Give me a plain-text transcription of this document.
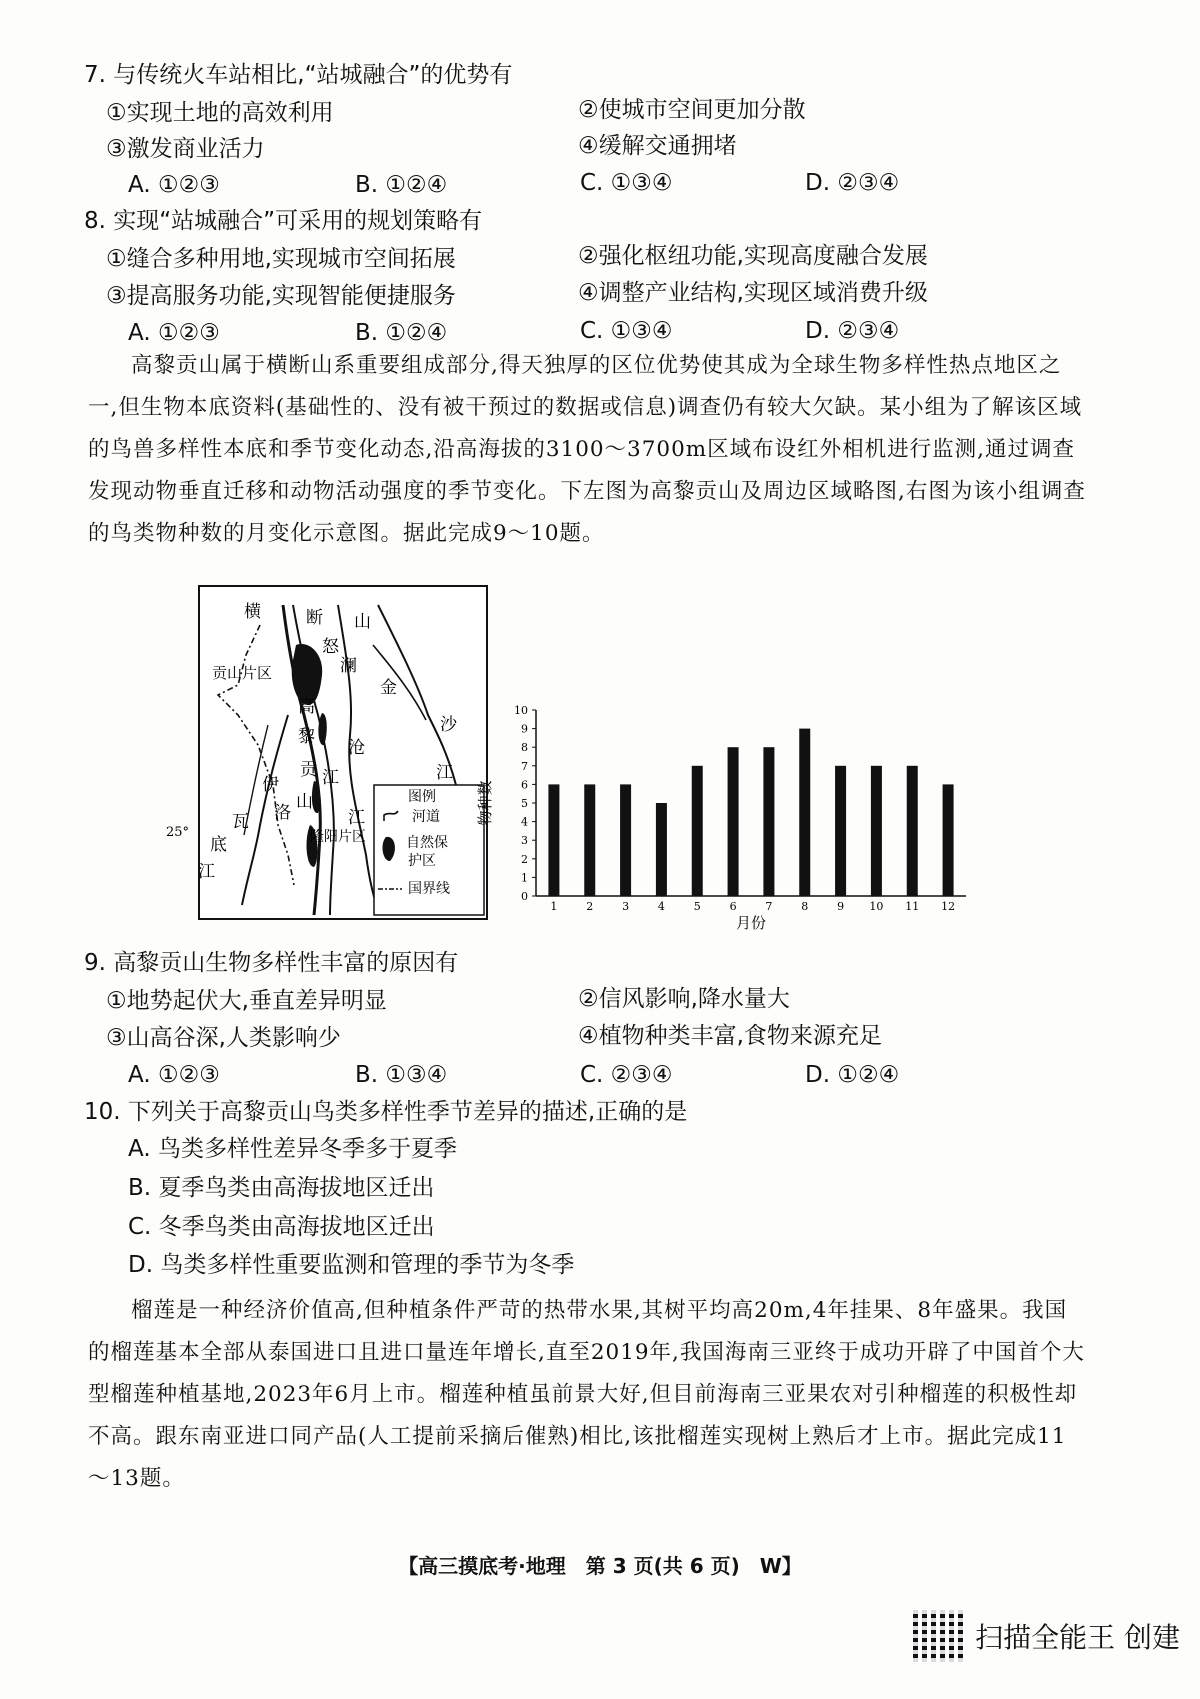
7. 与传统火车站相比,“站城融合”的优势有
①实现土地的高效利用	②使城市空间更加分散
③激发商业活力	④缓解交通拥堵
A. ①②③	B. ①②④	C. ①③④	D. ②③④
8. 实现“站城融合”可采用的规划策略有
①缝合多种用地,实现城市空间拓展	②强化枢纽功能,实现高度融合发展
③提高服务功能,实现智能便捷服务	④调整产业结构,实现区域消费升级
A. ①②③	B. ①②④	C. ①③④	D. ②③④

高黎贡山属于横断山系重要组成部分,得天独厚的区位优势使其成为全球生物多样性热点地区之一,但生物本底资料(基础性的、没有被干预过的数据或信息)调查仍有较大欠缺。某小组为了解该区域的鸟兽多样性本底和季节变化动态,沿高海拔的3100～3700m区域布设红外相机进行监测,通过调查发现动物垂直迁移和动物活动强度的季节变化。下左图为高黎贡山及周边区域略图,右图为该小组调查的鸟类物种数的月变化示意图。据此完成9～10题。

横	断 山
贡山片区
怒
澜
金
沙
江
高
黎
贡
山
沧
江
江
伊
洛
瓦
底
江
隆阳片区
25°
图例
河道
自然保
护区
国界线	0
1
2
3
4
5
6
7
8
9
10
1	2	3	4	5	6	7	8	9 10 11 12
物种数
月份
9. 高黎贡山生物多样性丰富的原因有
①地势起伏大,垂直差异明显	②信风影响,降水量大
③山高谷深,人类影响少	④植物种类丰富,食物来源充足
A. ①②③	B. ①③④	C. ②③④	D. ①②④
10. 下列关于高黎贡山鸟类多样性季节差异的描述,正确的是
A. 鸟类多样性差异冬季多于夏季
B. 夏季鸟类由高海拔地区迁出
C. 冬季鸟类由高海拔地区迁出
D. 鸟类多样性重要监测和管理的季节为冬季

榴莲是一种经济价值高,但种植条件严苛的热带水果,其树平均高20m,4年挂果、8年盛果。我国的榴莲基本全部从泰国进口且进口量连年增长,直至2019年,我国海南三亚终于成功开辟了中国首个大型榴莲种植基地,2023年6月上市。榴莲种植虽前景大好,但目前海南三亚果农对引种榴莲的积极性却不高。跟东南亚进口同产品(人工提前采摘后催熟)相比,该批榴莲实现树上熟后才上市。据此完成11～13题。

【高三摸底考·地理　第 3 页(共 6 页)　W】
扫描全能王 创建
